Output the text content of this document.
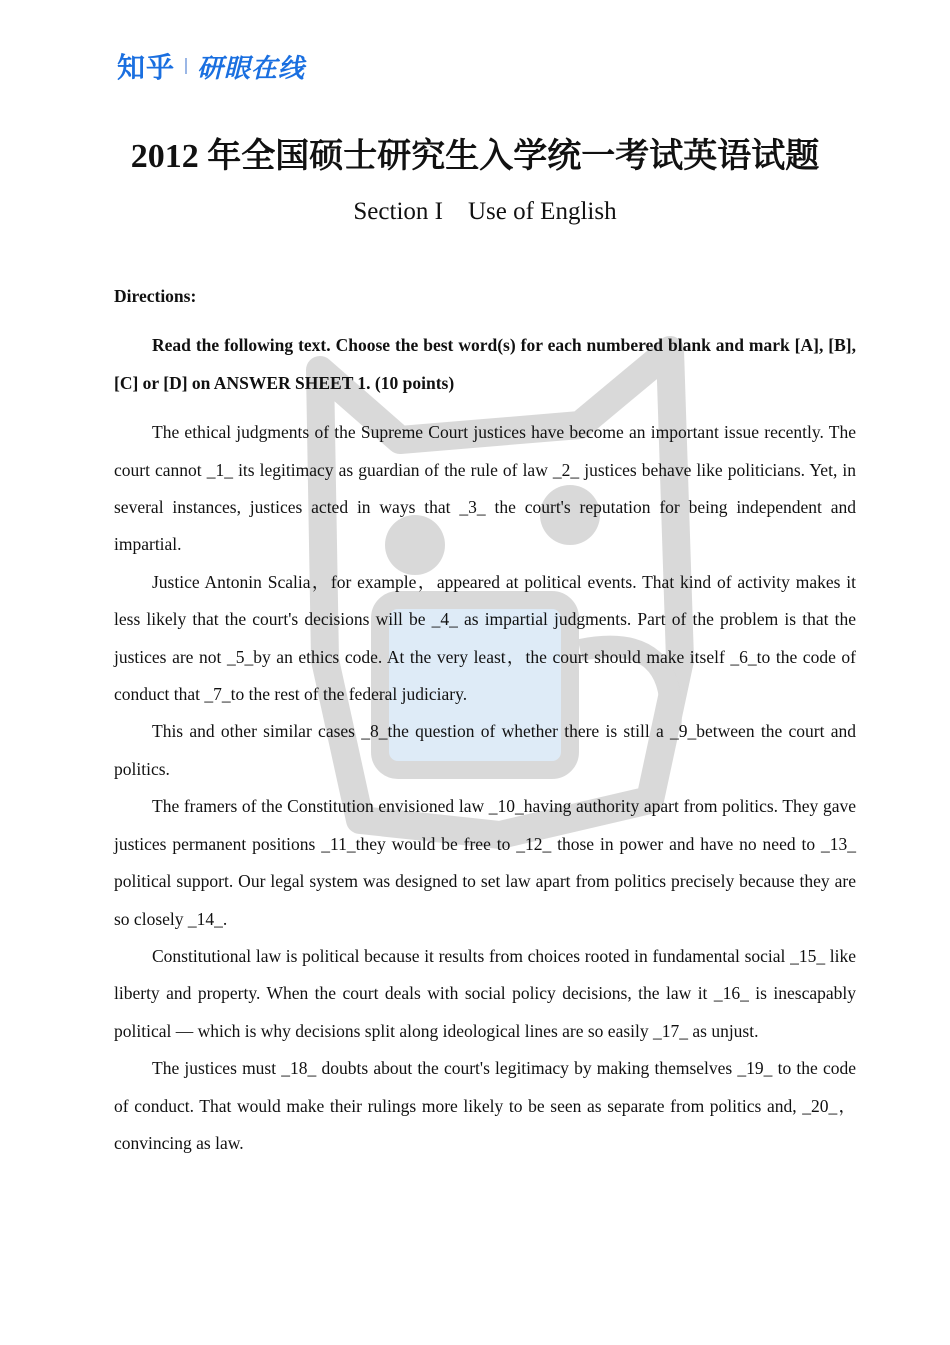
知乎 研眼在线
2012 年全国硕士研究生入学统一考试英语试题
Section I    Use of English

Directions:

Read the following text. Choose the best word(s) for each numbered blank and mark [A], [B], [C] or [D] on ANSWER SHEET 1. (10 points)

The ethical judgments of the Supreme Court justices have become an important issue recently. The court cannot _1_ its legitimacy as guardian of the rule of law _2_ justices behave like politicians. Yet, in several instances, justices acted in ways that _3_ the court's reputation for being independent and impartial.

Justice Antonin Scalia，for example，appeared at political events. That kind of activity makes it less likely that the court's decisions will be _4_ as impartial judgments. Part of the problem is that the justices are not _5_by an ethics code. At the very least，the court should make itself _6_to the code of conduct that _7_to the rest of the federal judiciary.

This and other similar cases _8_the question of whether there is still a _9_between the court and politics.

The framers of the Constitution envisioned law _10_having authority apart from politics. They gave justices permanent positions _11_they would be free to _12_ those in power and have no need to _13_ political support. Our legal system was designed to set law apart from politics precisely because they are so closely _14_.

Constitutional law is political because it results from choices rooted in fundamental social _15_ like liberty and property. When the court deals with social policy decisions, the law it _16_ is inescapably political — which is why decisions split along ideological lines are so easily _17_ as unjust.

The justices must _18_ doubts about the court's legitimacy by making themselves _19_ to the code of conduct. That would make their rulings more likely to be seen as separate from politics and, _20_， convincing as law.
